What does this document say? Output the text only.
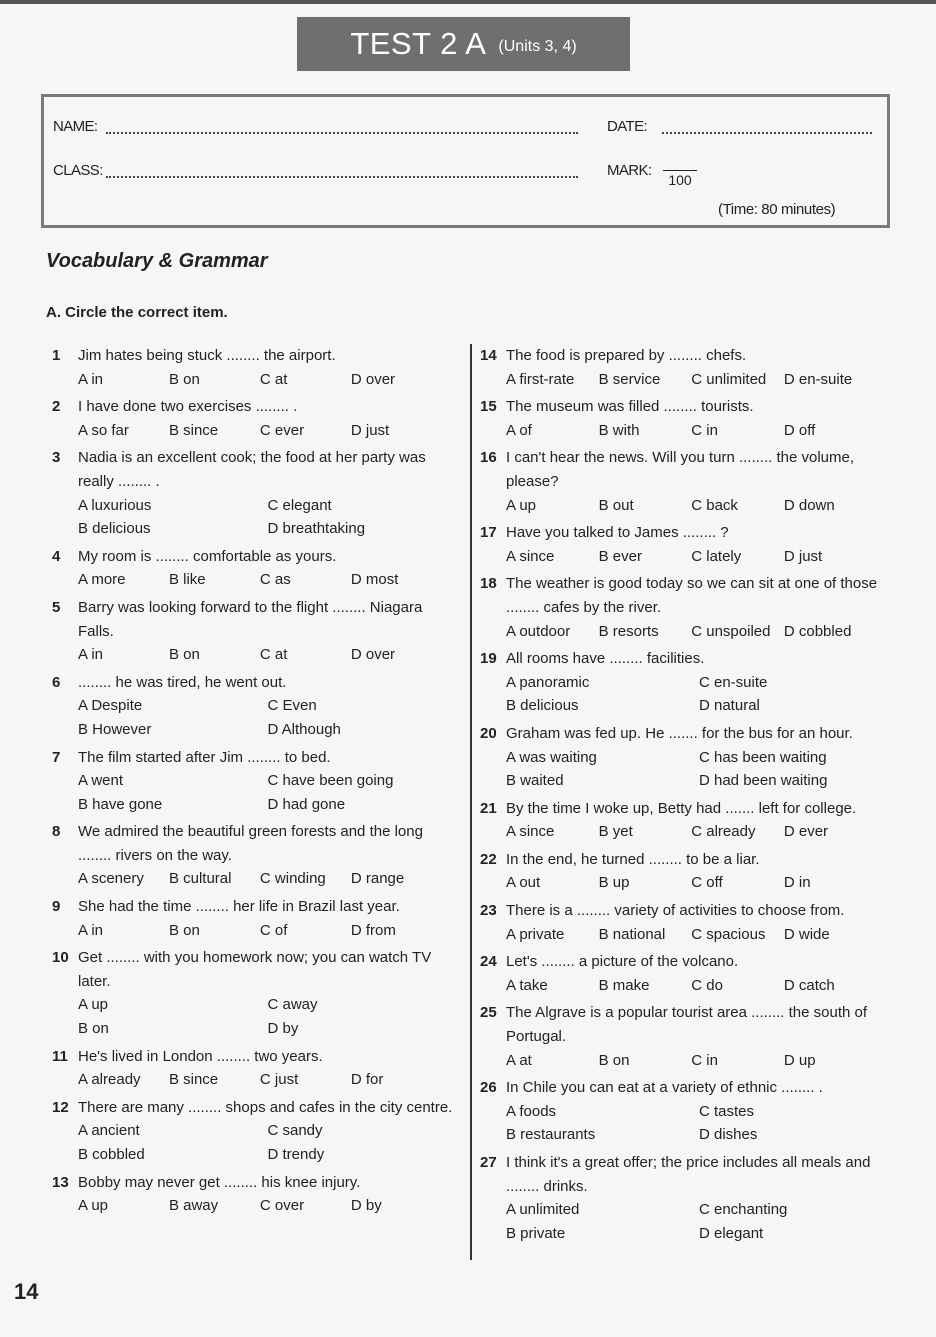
TEST 2 A (Units 3, 4)
NAME:	DATE:
CLASS:	MARK:
100
(Time: 80 minutes)
Vocabulary & Grammar
A. Circle the correct item.
1	Jim hates being stuck ........ the airport.
A in	B on	C at	D over
2	I have done two exercises ........ .
A so far	B since	C ever	D just
3	Nadia is an excellent cook; the food at her party was really ........ .
A luxurious	C elegant
B delicious	D breathtaking
4	My room is ........ comfortable as yours.
A more	B like	C as	D most
5	Barry was looking forward to the flight ........ Niagara Falls.
A in	B on	C at	D over
6	........ he was tired, he went out.
A Despite	C Even
B However	D Although
7	The film started after Jim ........ to bed.
A went	C have been going
B have gone	D had gone
8	We admired the beautiful green forests and the long ........ rivers on the way.
A scenery	B cultural	C winding	D range
9	She had the time ........ her life in Brazil last year.
A in	B on	C of	D from
10 Get ........ with you homework now; you can watch TV later.
A up	C away
B on	D by
11 He's lived in London ........ two years.
A already	B since	C just	D for
12 There are many ........ shops and cafes in the city centre.
A ancient	C sandy
B cobbled	D trendy
13 Bobby may never get ........ his knee injury.
A up	B away	C over	D by
14 The food is prepared by ........ chefs.
A first-rate	B service	C unlimited	D en-suite
15 The museum was filled ........ tourists.
A of	B with	C in	D off
16 I can't hear the news. Will you turn ........ the volume, please?
A up	B out	C back	D down
17 Have you talked to James ........ ?
A since	B ever	C lately	D just
18 The weather is good today so we can sit at one of those ........ cafes by the river.
A outdoor	B resorts	C unspoiled D cobbled
19 All rooms have ........ facilities.
A panoramic	C en-suite
B delicious	D natural
20 Graham was fed up. He ....... for the bus for an hour.
A was waiting	C has been waiting
B waited	D had been waiting
21 By the time I woke up, Betty had ....... left for college.
A since	B yet	C already	D ever
22 In the end, he turned ........ to be a liar.
A out	B up	C off	D in
23 There is a ........ variety of activities to choose from.
A private	B national	C spacious	D wide
24 Let's ........ a picture of the volcano.
A take	B make	C do	D catch
25 The Algrave is a popular tourist area ........ the south of Portugal.
A at	B on	C in	D up
26 In Chile you can eat at a variety of ethnic ........ .
A foods	C tastes
B restaurants	D dishes
27 I think it's a great offer; the price includes all meals and ........ drinks.
A unlimited	C enchanting
B private	D elegant
14
